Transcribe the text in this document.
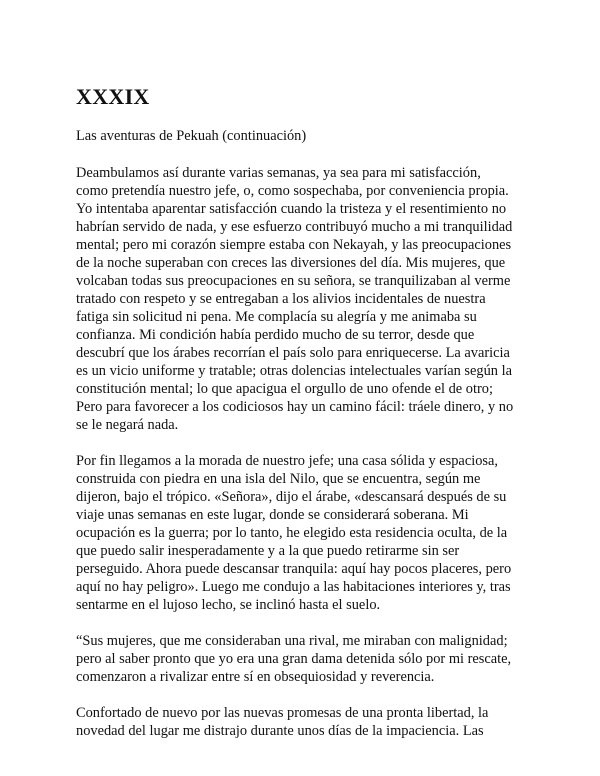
XXXIX

Las aventuras de Pekuah (continuación)

Deambulamos así durante varias semanas, ya sea para mi satisfacción,
como pretendía nuestro jefe, o, como sospechaba, por conveniencia propia.
Yo intentaba aparentar satisfacción cuando la tristeza y el resentimiento no
habrían servido de nada, y ese esfuerzo contribuyó mucho a mi tranquilidad
mental; pero mi corazón siempre estaba con Nekayah, y las preocupaciones
de la noche superaban con creces las diversiones del día. Mis mujeres, que
volcaban todas sus preocupaciones en su señora, se tranquilizaban al verme
tratado con respeto y se entregaban a los alivios incidentales de nuestra
fatiga sin solicitud ni pena. Me complacía su alegría y me animaba su
confianza. Mi condición había perdido mucho de su terror, desde que
descubrí que los árabes recorrían el país solo para enriquecerse. La avaricia
es un vicio uniforme y tratable; otras dolencias intelectuales varían según la
constitución mental; lo que apacigua el orgullo de uno ofende el de otro;
Pero para favorecer a los codiciosos hay un camino fácil: tráele dinero, y no
se le negará nada.

Por fin llegamos a la morada de nuestro jefe; una casa sólida y espaciosa,
construida con piedra en una isla del Nilo, que se encuentra, según me
dijeron, bajo el trópico. «Señora», dijo el árabe, «descansará después de su
viaje unas semanas en este lugar, donde se considerará soberana. Mi
ocupación es la guerra; por lo tanto, he elegido esta residencia oculta, de la
que puedo salir inesperadamente y a la que puedo retirarme sin ser
perseguido. Ahora puede descansar tranquila: aquí hay pocos placeres, pero
aquí no hay peligro». Luego me condujo a las habitaciones interiores y, tras
sentarme en el lujoso lecho, se inclinó hasta el suelo.

“Sus mujeres, que me consideraban una rival, me miraban con malignidad;
pero al saber pronto que yo era una gran dama detenida sólo por mi rescate,
comenzaron a rivalizar entre sí en obsequiosidad y reverencia.

Confortado de nuevo por las nuevas promesas de una pronta libertad, la
novedad del lugar me distrajo durante unos días de la impaciencia. Las
